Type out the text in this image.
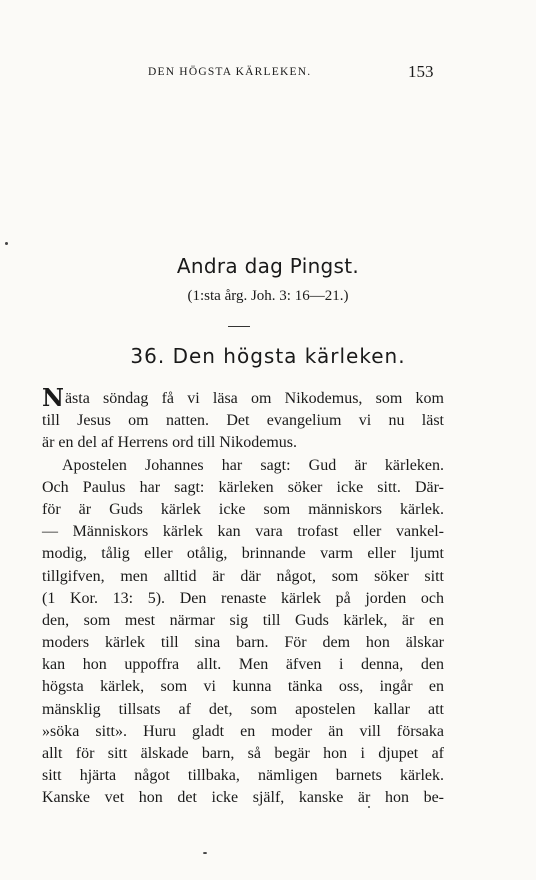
DEN HÖGSTA KÄRLEKEN.	153
Andra dag Pingst.
(1:sta årg. Joh. 3: 16—21.)
36. Den högsta kärleken.
Nästa söndag få vi läsa om Nikodemus, som kom
till Jesus om natten. Det evangelium vi nu läst
är en del af Herrens ord till Nikodemus.
Apostelen Johannes har sagt: Gud är kärleken.
Och Paulus har sagt: kärleken söker icke sitt. Där-
för är Guds kärlek icke som människors kärlek.
— Människors kärlek kan vara trofast eller vankel-
modig, tålig eller otålig, brinnande varm eller ljumt
tillgifven, men alltid är där något, som söker sitt
(1 Kor. 13: 5). Den renaste kärlek på jorden och
den, som mest närmar sig till Guds kärlek, är en
moders kärlek till sina barn. För dem hon älskar
kan hon uppoffra allt. Men äfven i denna, den
högsta kärlek, som vi kunna tänka oss, ingår en
mänsklig tillsats af det, som apostelen kallar att
»söka sitt». Huru gladt en moder än vill försaka
allt för sitt älskade barn, så begär hon i djupet af
sitt hjärta något tillbaka, nämligen barnets kärlek.
Kanske vet hon det icke själf, kanske är hon be-
